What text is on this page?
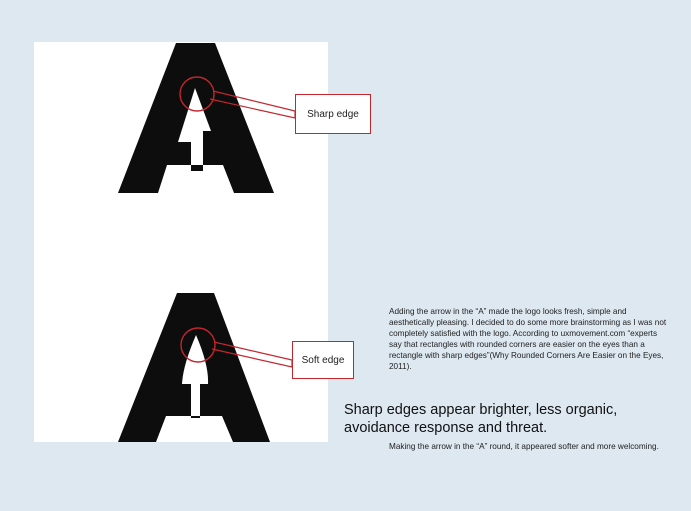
Sharp edge
Soft edge

Adding the arrow in the “A” made the logo looks fresh, simple and aesthetically pleasing. I decided to do some more brainstorming as I was not completely satisfied with the logo. According to uxmovement.com “experts say that rectangles with rounded corners are easier on the eyes than a rectangle with sharp edges”(Why Rounded Corners Are Easier on the Eyes, 2011).

Sharp edges appear brighter, less organic, avoidance response and threat.

Making the arrow in the “A” round, it appeared softer and more welcoming.
